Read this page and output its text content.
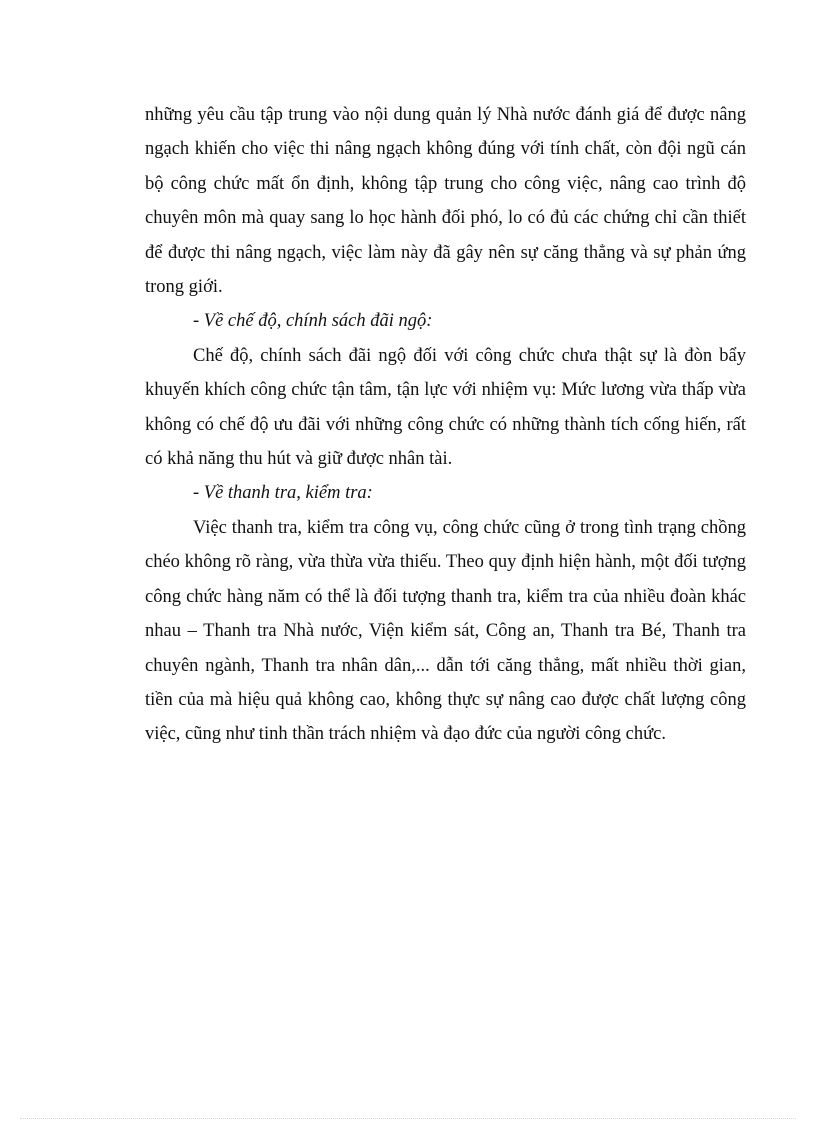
những yêu cầu tập trung vào nội dung quản lý Nhà nước đánh giá để được nâng ngạch khiến cho việc thi nâng ngạch không đúng với tính chất, còn đội ngũ cán bộ công chức mất ổn định, không tập trung cho công việc, nâng cao trình độ chuyên môn mà quay sang lo học hành đối phó, lo có đủ các chứng chỉ cần thiết để được thi nâng ngạch, việc làm này đã gây nên sự căng thẳng và sự phản ứng trong giới.

- Về chế độ, chính sách đãi ngộ:

Chế độ, chính sách đãi ngộ đối với công chức chưa thật sự là đòn bẩy khuyến khích công chức tận tâm, tận lực với nhiệm vụ: Mức lương vừa thấp vừa không có chế độ ưu đãi với những công chức có những thành tích cống hiến, rất có khả năng thu hút và giữ được nhân tài.

- Về thanh tra, kiểm tra:

Việc thanh tra, kiểm tra công vụ, công chức cũng ở trong tình trạng chồng chéo không rõ ràng, vừa thừa vừa thiếu. Theo quy định hiện hành, một đối tượng công chức hàng năm có thể là đối tượng thanh tra, kiểm tra của nhiều đoàn khác nhau – Thanh tra Nhà nước, Viện kiểm sát, Công an, Thanh tra Bé, Thanh tra chuyên ngành, Thanh tra nhân dân,... dẫn tới căng thẳng, mất nhiều thời gian, tiền của mà hiệu quả không cao, không thực sự nâng cao được chất lượng công việc, cũng như tinh thần trách nhiệm và đạo đức của người công chức.
